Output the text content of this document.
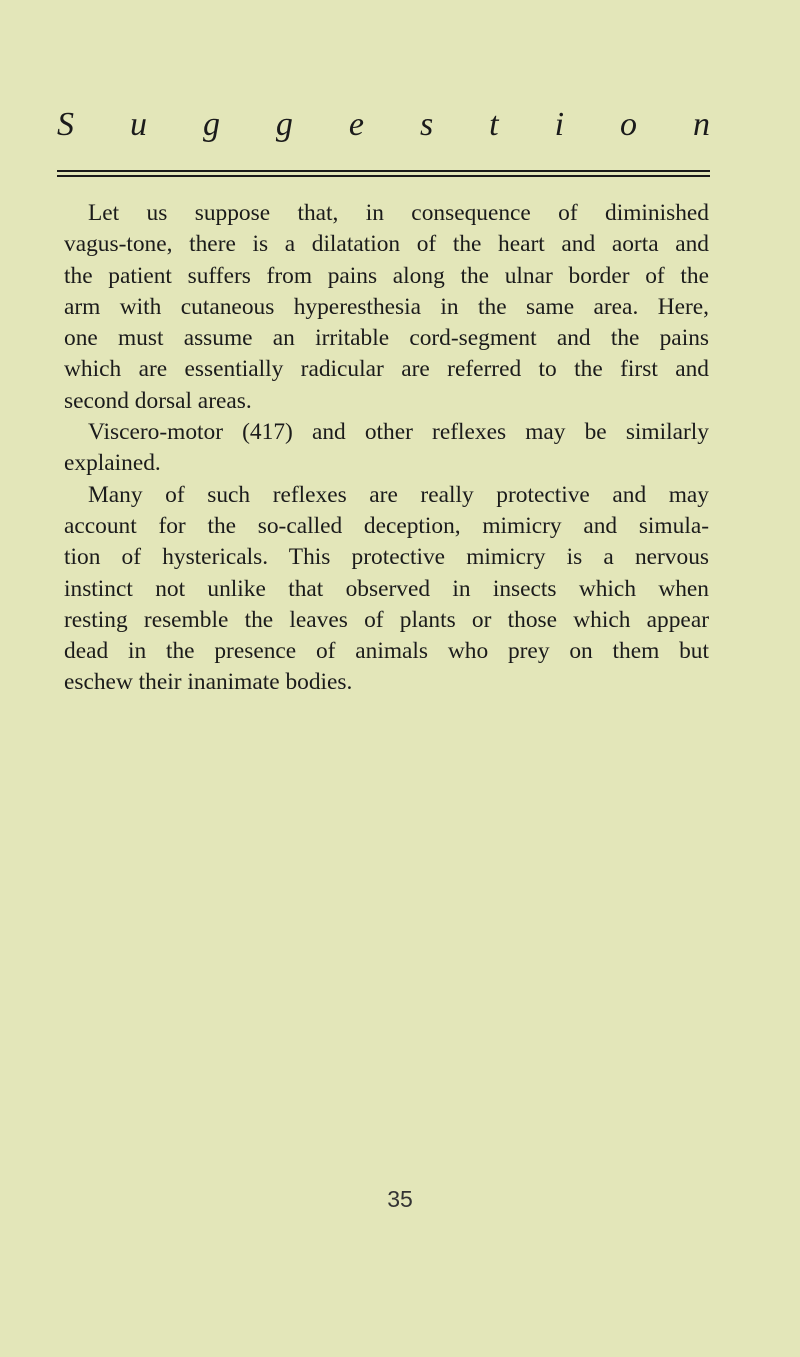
S u g g e s t i o n

Let us suppose that, in consequence of diminished
vagus-tone, there is a dilatation of the heart and aorta and
the patient suffers from pains along the ulnar border of the
arm with cutaneous hyperesthesia in the same area. Here,
one must assume an irritable cord-segment and the pains
which are essentially radicular are referred to the first and
second dorsal areas.

Viscero-motor (417) and other reflexes may be similarly
explained.

Many of such reflexes are really protective and may
account for the so-called deception, mimicry and simula-
tion of hystericals. This protective mimicry is a nervous
instinct not unlike that observed in insects which when
resting resemble the leaves of plants or those which appear
dead in the presence of animals who prey on them but
eschew their inanimate bodies.

35
